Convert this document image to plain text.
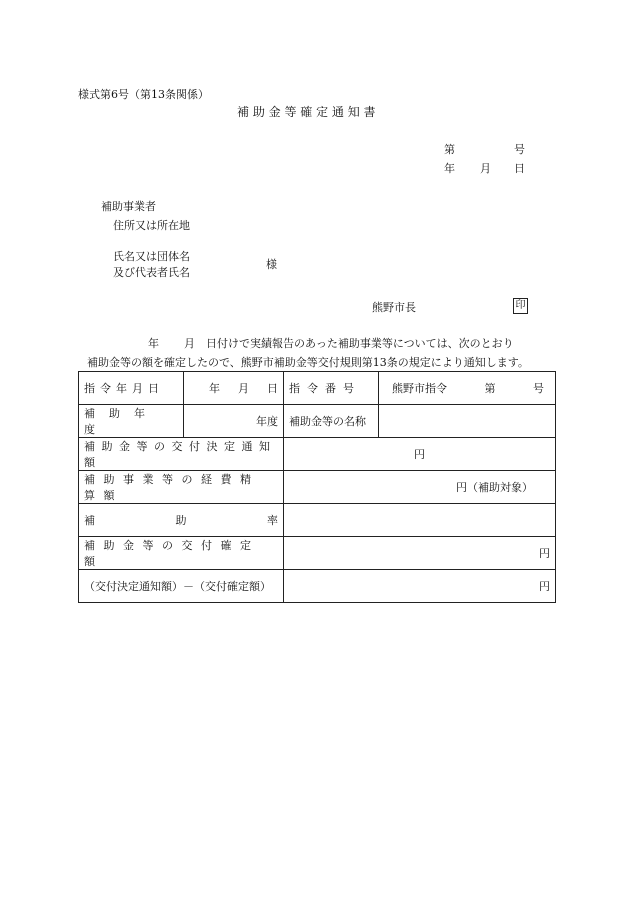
様式第6号（第13条関係）
補 助 金 等 確 定 通 知 書
第	号
年 月 日
補助事業者
住所又は所在地
氏名又は団体名
及び代表者氏名
様
熊野市長	印
年 月 日付けで実績報告のあった補助事業等については、次のとおり
補助金等の額を確定したので、熊野市補助金等交付規則第13条の規定により通知します。
指令年月日	年 月 日	指令番号	熊野市指令 第 号

補助年度	年度	補助金等の名称	
補助金等の交付決定通知額		円	
補助事業等の経費精算額		円（補助対象）	

補 助 率			

補助金等の交付確定額		円	
（交付決定通知額）－（交付確定額）		円	
